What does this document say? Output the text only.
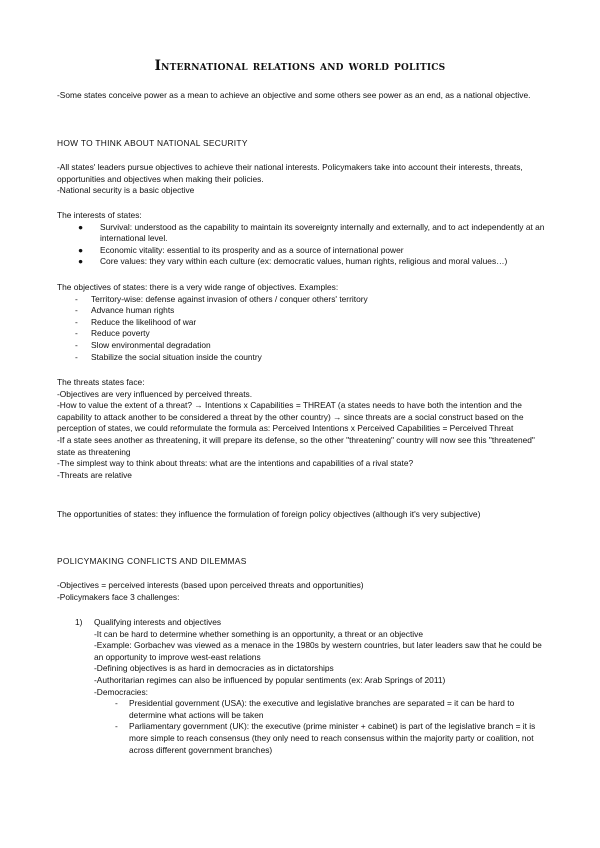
International relations and world politics
-Some states conceive power as a mean to achieve an objective and some others see power as an end, as a national objective.
HOW TO THINK ABOUT NATIONAL SECURITY

-All states' leaders pursue objectives to achieve their national interests. Policymakers take into account their interests, threats, opportunities and objectives when making their policies.

-National security is a basic objective

The interests of states:

● Survival: understood as the capability to maintain its sovereignty internally and externally, and to act independently at an international level.
● Economic vitality: essential to its prosperity and as a source of international power
● Core values: they vary within each culture (ex: democratic values, human rights, religious and moral values…)

The objectives of states: there is a very wide range of objectives. Examples:

- Territory-wise: defense against invasion of others / conquer others' territory
- Advance human rights
- Reduce the likelihood of war
- Reduce poverty
- Slow environmental degradation
- Stabilize the social situation inside the country

The threats states face:

-Objectives are very influenced by perceived threats.

-How to value the extent of a threat? → Intentions x Capabilities = THREAT (a states needs to have both the intention and the capability to attack another to be considered a threat by the other country) → since threats are a social construct based on the perception of states, we could reformulate the formula as: Perceived Intentions x Perceived Capabilities = Perceived Threat

-If a state sees another as threatening, it will prepare its defense, so the other "threatening" country will now see this "threatened" state as threatening

-The simplest way to think about threats: what are the intentions and capabilities of a rival state?

-Threats are relative

The opportunities of states: they influence the formulation of foreign policy objectives (although it's very subjective)
POLICYMAKING CONFLICTS AND DILEMMAS

-Objectives = perceived interests (based upon perceived threats and opportunities)

-Policymakers face 3 challenges:

1) Qualifying interests and objectives

-It can be hard to determine whether something is an opportunity, a threat or an objective

-Example: Gorbachev was viewed as a menace in the 1980s by western countries, but later leaders saw that he could be an opportunity to improve west-east relations

-Defining objectives is as hard in democracies as in dictatorships

-Authoritarian regimes can also be influenced by popular sentiments (ex: Arab Springs of 2011)

-Democracies:

- Presidential government (USA): the executive and legislative branches are separated = it can be hard to determine what actions will be taken
- Parliamentary government (UK): the executive (prime minister + cabinet) is part of the legislative branch = it is more simple to reach consensus (they only need to reach consensus within the majority party or coalition, not across different government branches)
